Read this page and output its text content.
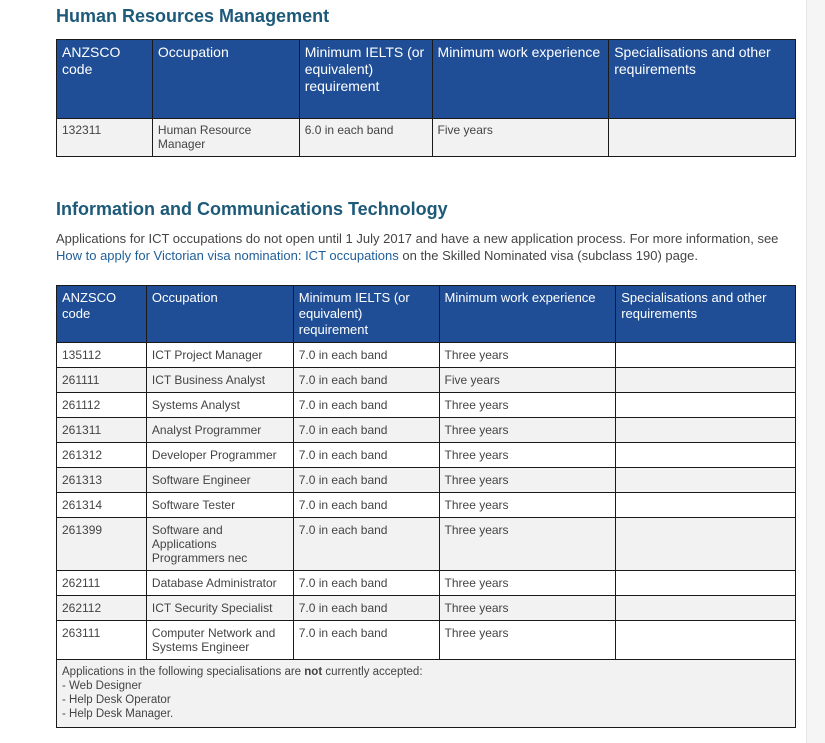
Human Resources Management
ANZSCO code	Occupation	Minimum IELTS (or equivalent) requirement	Minimum work experience	Specialisations and other requirements
132311	Human Resource Manager	6.0 in each band	Five years	
Information and Communications Technology
Applications for ICT occupations do not open until 1 July 2017 and have a new application process. For more information, see How to apply for Victorian visa nomination: ICT occupations on the Skilled Nominated visa (subclass 190) page.
ANZSCO code	Occupation	Minimum IELTS (or equivalent) requirement	Minimum work experience	Specialisations and other requirements
135112	ICT Project Manager	7.0 in each band	Three years	
261111	ICT Business Analyst	7.0 in each band	Five years	
261112	Systems Analyst	7.0 in each band	Three years	
261311	Analyst Programmer	7.0 in each band	Three years	
261312	Developer Programmer	7.0 in each band	Three years	
261313	Software Engineer	7.0 in each band	Three years	
261314	Software Tester	7.0 in each band	Three years	
261399	Software and Applications Programmers nec	7.0 in each band	Three years	
262111	Database Administrator	7.0 in each band	Three years	
262112	ICT Security Specialist	7.0 in each band	Three years	
263111	Computer Network and Systems Engineer	7.0 in each band	Three years	

Applications in the following specialisations are not currently accepted:
- Web Designer
- Help Desk Operator
- Help Desk Manager.				
